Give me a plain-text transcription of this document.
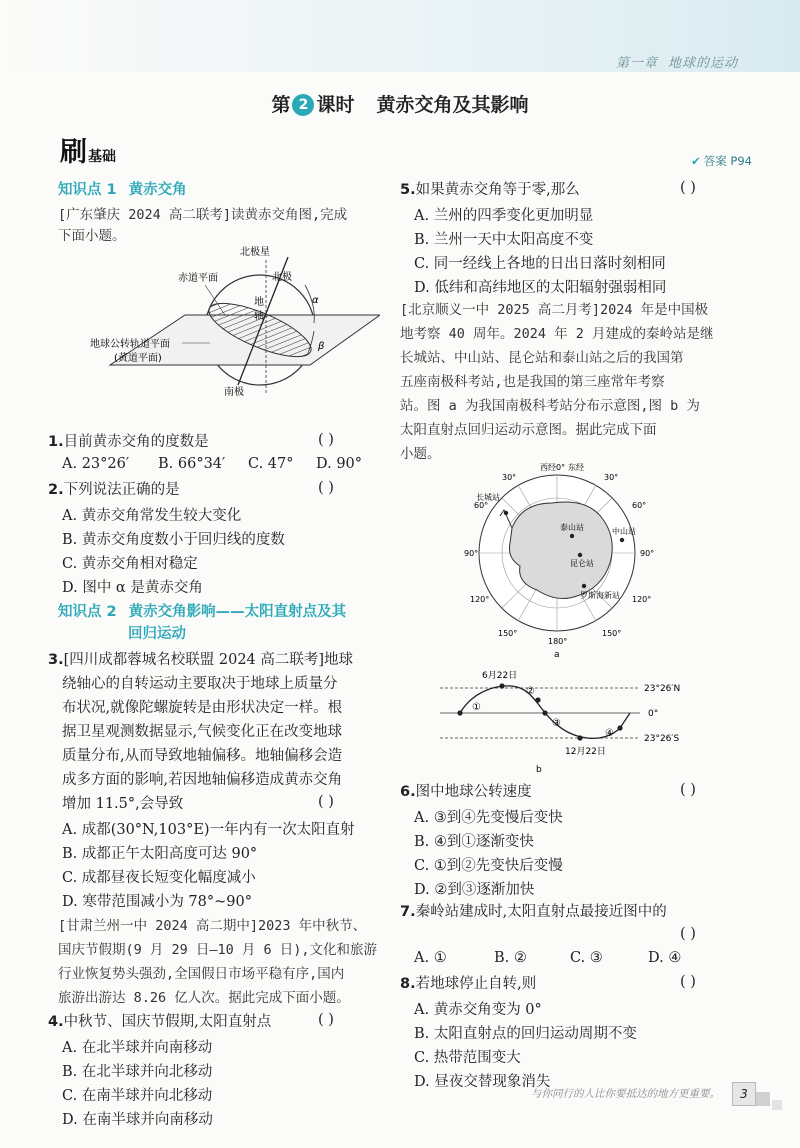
第一章 地球的运动
第 2 课时 黄赤交角及其影响
刷基础	✔ 答案 P94
知识点 1 黄赤交角
[广东肇庆 2024 高二联考]读黄赤交角图,完成
下面小题。
北极星
北极
赤道平面
地
轴
α
β
地球公转轨道平面
(黄道平面)
南极
1.目前黄赤交角的度数是	( )
A. 23°26′ B. 66°34′ C. 47° D. 90°
2.下列说法正确的是	( )
A. 黄赤交角常发生较大变化
B. 黄赤交角度数小于回归线的度数
C. 黄赤交角相对稳定
D. 图中 α 是黄赤交角
知识点 2 黄赤交角影响——太阳直射点及其
回归运动
3.[四川成都蓉城名校联盟 2024 高二联考]地球
绕轴心的自转运动主要取决于地球上质量分
布状况,就像陀螺旋转是由形状决定一样。根
据卫星观测数据显示,气候变化正在改变地球
质量分布,从而导致地轴偏移。地轴偏移会造
成多方面的影响,若因地轴偏移造成黄赤交角
增加 11.5°,会导致	( )
A. 成都(30°N,103°E)一年内有一次太阳直射
B. 成都正午太阳高度可达 90°
C. 成都昼夜长短变化幅度减小
D. 寒带范围减小为 78°~90°
[甘肃兰州一中 2024 高二期中]2023 年中秋节、
国庆节假期(9 月 29 日—10 月 6 日),文化和旅游
行业恢复势头强劲,全国假日市场平稳有序,国内
旅游出游达 8.26 亿人次。据此完成下面小题。
4.中秋节、国庆节假期,太阳直射点	( )
A. 在北半球并向南移动
B. 在北半球并向北移动
C. 在南半球并向北移动
D. 在南半球并向南移动
5.如果黄赤交角等于零,那么	( )
A. 兰州的四季变化更加明显
B. 兰州一天中太阳高度不变
C. 同一经线上各地的日出日落时刻相同
D. 低纬和高纬地区的太阳辐射强弱相同
[北京顺义一中 2025 高二月考]2024 年是中国极
地考察 40 周年。2024 年 2 月建成的秦岭站是继
长城站、中山站、昆仑站和泰山站之后的我国第
五座南极科考站,也是我国的第三座常年考察
站。图 a 为我国南极科考站分布示意图,图 b 为
太阳直射点回归运动示意图。据此完成下面
小题。
西经0° 东经
30°	30°
60°	60°
90°	90°
120°	120°
150°	150°
180°
长城站
泰山站	中山站
昆仑站
罗斯海新站
a
6月22日
12月22日
23°26′N
0°
23°26′S
①
②
③
④
b
6.图中地球公转速度	( )
A. ③到④先变慢后变快
B. ④到①逐渐变快
C. ①到②先变快后变慢
D. ②到③逐渐加快
7.秦岭站建成时,太阳直射点最接近图中的
( )
A. ①	B. ②	C. ③	D. ④
8.若地球停止自转,则	( )
A. 黄赤交角变为 0°
B. 太阳直射点的回归运动周期不变
C. 热带范围变大
D. 昼夜交替现象消失
与你同行的人比你要抵达的地方更重要。	3
